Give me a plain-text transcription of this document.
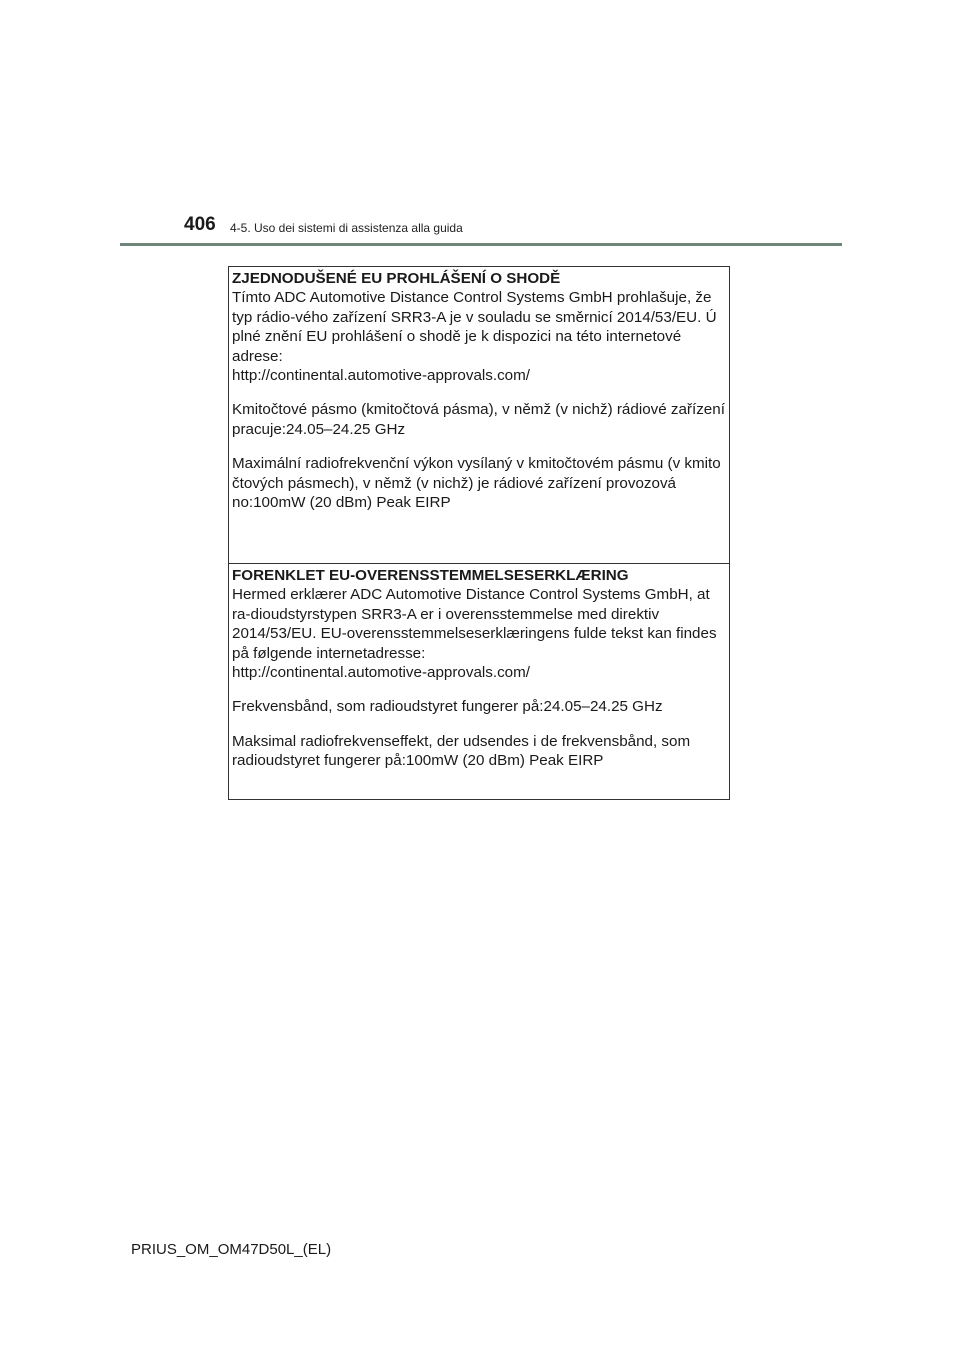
406 4-5. Uso dei sistemi di assistenza alla guida
ZJEDNODUŠENÉ EU PROHLÁŠENÍ O SHODĚ
Tímto ADC Automotive Distance Control Systems GmbH prohlašuje, že
typ rádio-vého zařízení SRR3-A je v souladu se směrnicí 2014/53/EU. Ú
plné znění EU prohlášení o shodě je k dispozici na této internetové
adrese:
http://continental.automotive-approvals.com/
Kmitočtové pásmo (kmitočtová pásma), v němž (v nichž) rádiové zařízení
pracuje:24.05–24.25 GHz
Maximální radiofrekvenční výkon vysílaný v kmitočtovém pásmu (v kmito
čtových pásmech), v němž (v nichž) je rádiové zařízení provozová
no:100mW (20 dBm) Peak EIRP
FORENKLET EU-OVERENSSTEMMELSESERKLÆRING
Hermed erklærer ADC Automotive Distance Control Systems GmbH, at
ra-dioudstyrstypen SRR3-A er i overensstemmelse med direktiv
2014/53/EU. EU-overensstemmelseserklæringens fulde tekst kan findes
på følgende internetadresse:
http://continental.automotive-approvals.com/
Frekvensbånd, som radioudstyret fungerer på:24.05–24.25 GHz
Maksimal radiofrekvenseffekt, der udsendes i de frekvensbånd, som
radioudstyret fungerer på:100mW (20 dBm) Peak EIRP
PRIUS_OM_OM47D50L_(EL)
